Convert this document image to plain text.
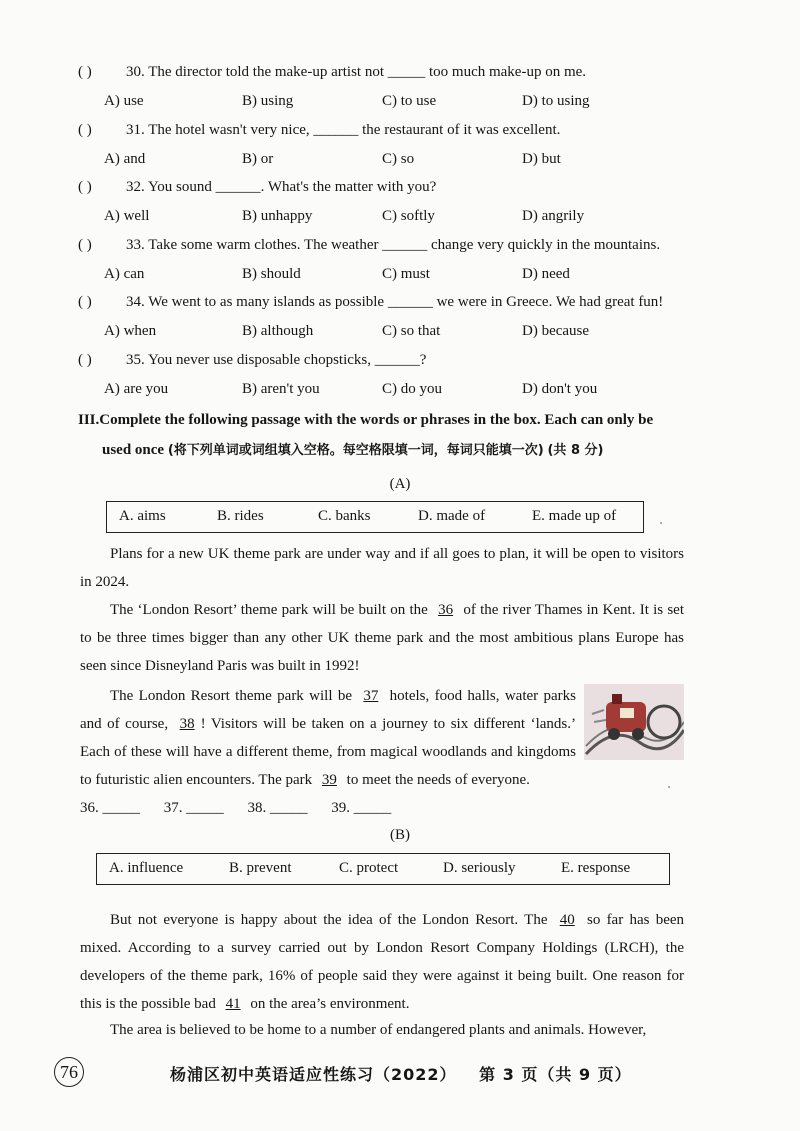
( ) 30. The director told the make-up artist not _____ too much make-up on me.
A) use	B) using	C) to use	D) to using
( ) 31. The hotel wasn't very nice, ______ the restaurant of it was excellent.
A) and	B) or	C) so	D) but
( ) 32. You sound ______. What's the matter with you?
A) well	B) unhappy	C) softly	D) angrily
( ) 33. Take some warm clothes. The weather ______ change very quickly in the mountains.
A) can	B) should	C) must	D) need
( ) 34. We went to as many islands as possible ______ we were in Greece. We had great fun!
A) when	B) although	C) so that	D) because
( ) 35. You never use disposable chopsticks, ______?
A) are you	B) aren't you	C) do you	D) don't you
III.Complete the following passage with the words or phrases in the box. Each can only be
used once (将下列单词或词组填入空格。每空格限填一词，每词只能填一次) (共 8 分)
(A)
A. aims	B. rides	C. banks	D. made of	E. made up of
Plans for a new UK theme park are under way and if all goes to plan, it will be open to visitors in 2024.
The ‘London Resort’ theme park will be built on the 36 of the river Thames in Kent. It is set to be three times bigger than any other UK theme park and the most ambitious plans Europe has seen since Disneyland Paris was built in 1992!
The London Resort theme park will be 37 hotels, food halls, water parks and of course, 38 ! Visitors will be taken on a journey to six different ‘lands.’ Each of these will have a different theme, from magical woodlands and kingdoms to futuristic alien encounters. The park 39 to meet the needs of everyone.
36. _____ 37. _____ 38. _____ 39. _____
(B)
A. influence	B. prevent	C. protect	D. seriously	E. response
But not everyone is happy about the idea of the London Resort. The 40 so far has been mixed. According to a survey carried out by London Resort Company Holdings (LRCH), the developers of the theme park, 16% of people said they were against it being built. One reason for this is the possible bad 41 on the area’s environment.
The area is believed to be home to a number of endangered plants and animals. However,
76	杨浦区初中英语适应性练习（2022） 第 3 页（共 9 页）
